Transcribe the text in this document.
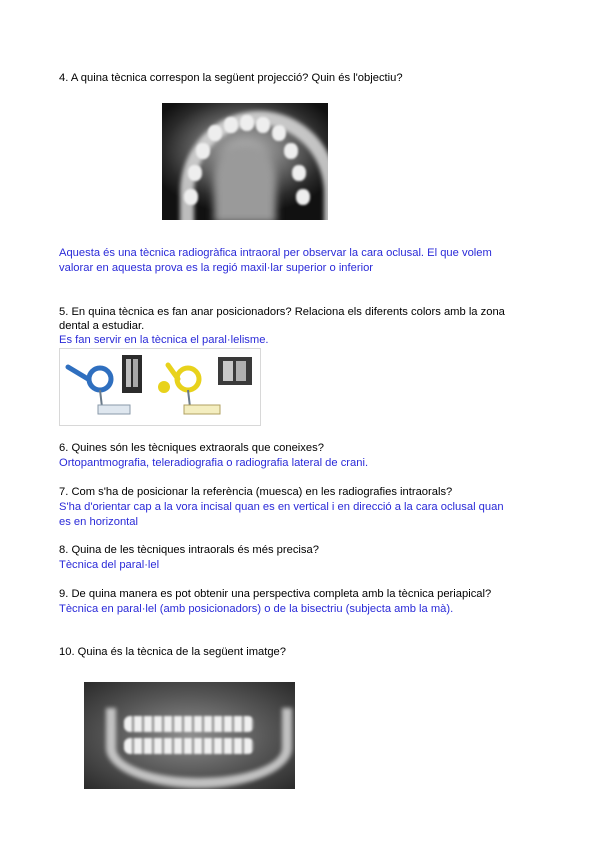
4. A quina tècnica correspon la següent projecció? Quin és l'objectiu?
Aquesta és una tècnica radiogràfica intraoral per observar la cara oclusal. El que volem
valorar en aquesta prova es la regió maxil·lar superior o inferior
5. En quina tècnica es fan anar posicionadors? Relaciona els diferents colors amb la zona
dental a estudiar.
Es fan servir en la tècnica el paral·lelisme.
6. Quines són les tècniques extraorals que coneixes?
Ortopantmografia, teleradiografia o radiografia lateral de crani.
7. Com s'ha de posicionar la referència (muesca) en les radiografies intraorals?
S'ha d'orientar cap a la vora incisal quan es en vertical i en direcció a la cara oclusal quan
es en horizontal
8. Quina de les tècniques intraorals és més precisa?
Tècnica del paral·lel
9. De quina manera es pot obtenir una perspectiva completa amb la tècnica periapical?
Tècnica en paral·lel (amb posicionadors) o de la bisectriu (subjecta amb la mà).
10. Quina és la tècnica de la següent imatge?
